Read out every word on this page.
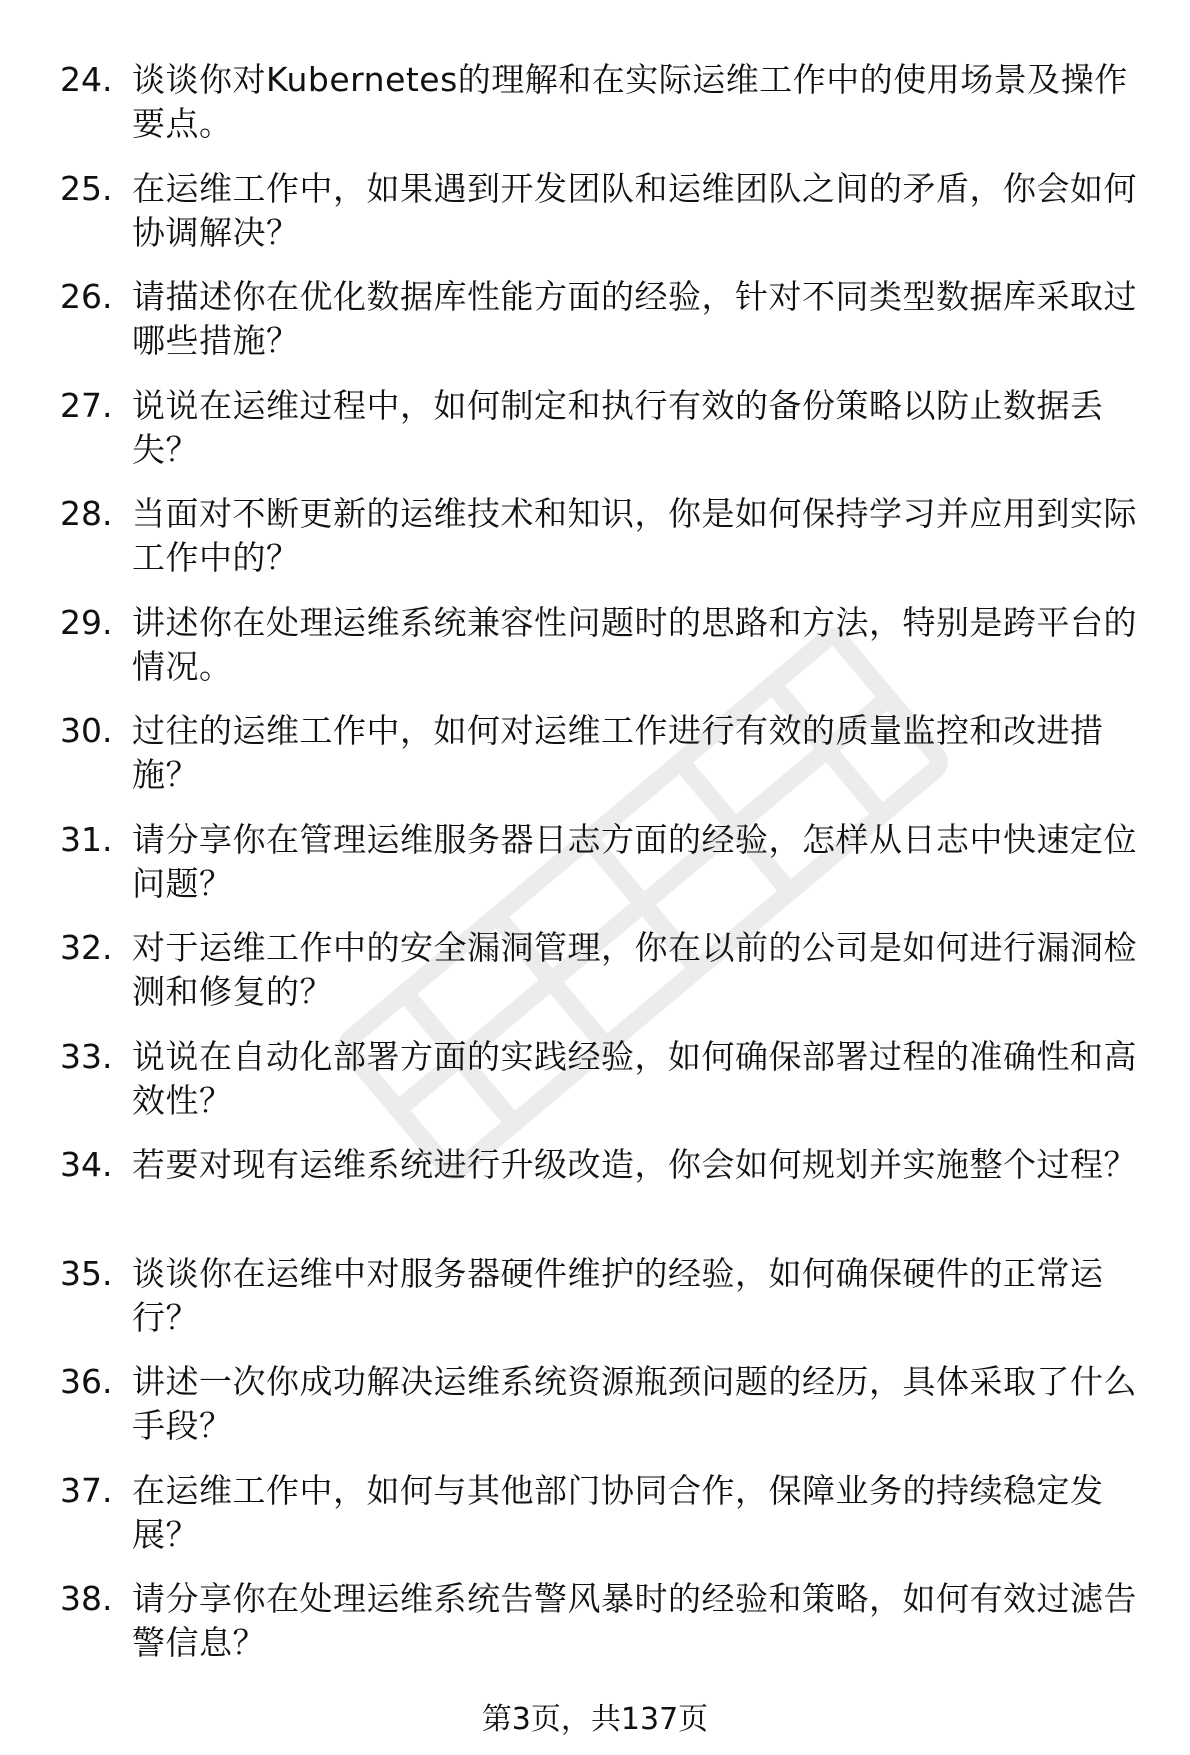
24. 谈谈你对Kubernetes的理解和在实际运维工作中的使用场景及操作要点。
25. 在运维工作中，如果遇到开发团队和运维团队之间的矛盾，你会如何协调解决？
26. 请描述你在优化数据库性能方面的经验，针对不同类型数据库采取过哪些措施？
27. 说说在运维过程中，如何制定和执行有效的备份策略以防止数据丢失？
28. 当面对不断更新的运维技术和知识，你是如何保持学习并应用到实际工作中的？
29. 讲述你在处理运维系统兼容性问题时的思路和方法，特别是跨平台的情况。
30. 过往的运维工作中，如何对运维工作进行有效的质量监控和改进措施？
31. 请分享你在管理运维服务器日志方面的经验，怎样从日志中快速定位问题？
32. 对于运维工作中的安全漏洞管理，你在以前的公司是如何进行漏洞检测和修复的？
33. 说说在自动化部署方面的实践经验，如何确保部署过程的准确性和高效性？
34. 若要对现有运维系统进行升级改造，你会如何规划并实施整个过程？
35. 谈谈你在运维中对服务器硬件维护的经验，如何确保硬件的正常运行？
36. 讲述一次你成功解决运维系统资源瓶颈问题的经历，具体采取了什么手段？
37. 在运维工作中，如何与其他部门协同合作，保障业务的持续稳定发展？
38. 请分享你在处理运维系统告警风暴时的经验和策略，如何有效过滤告警信息？
第3页，共137页
